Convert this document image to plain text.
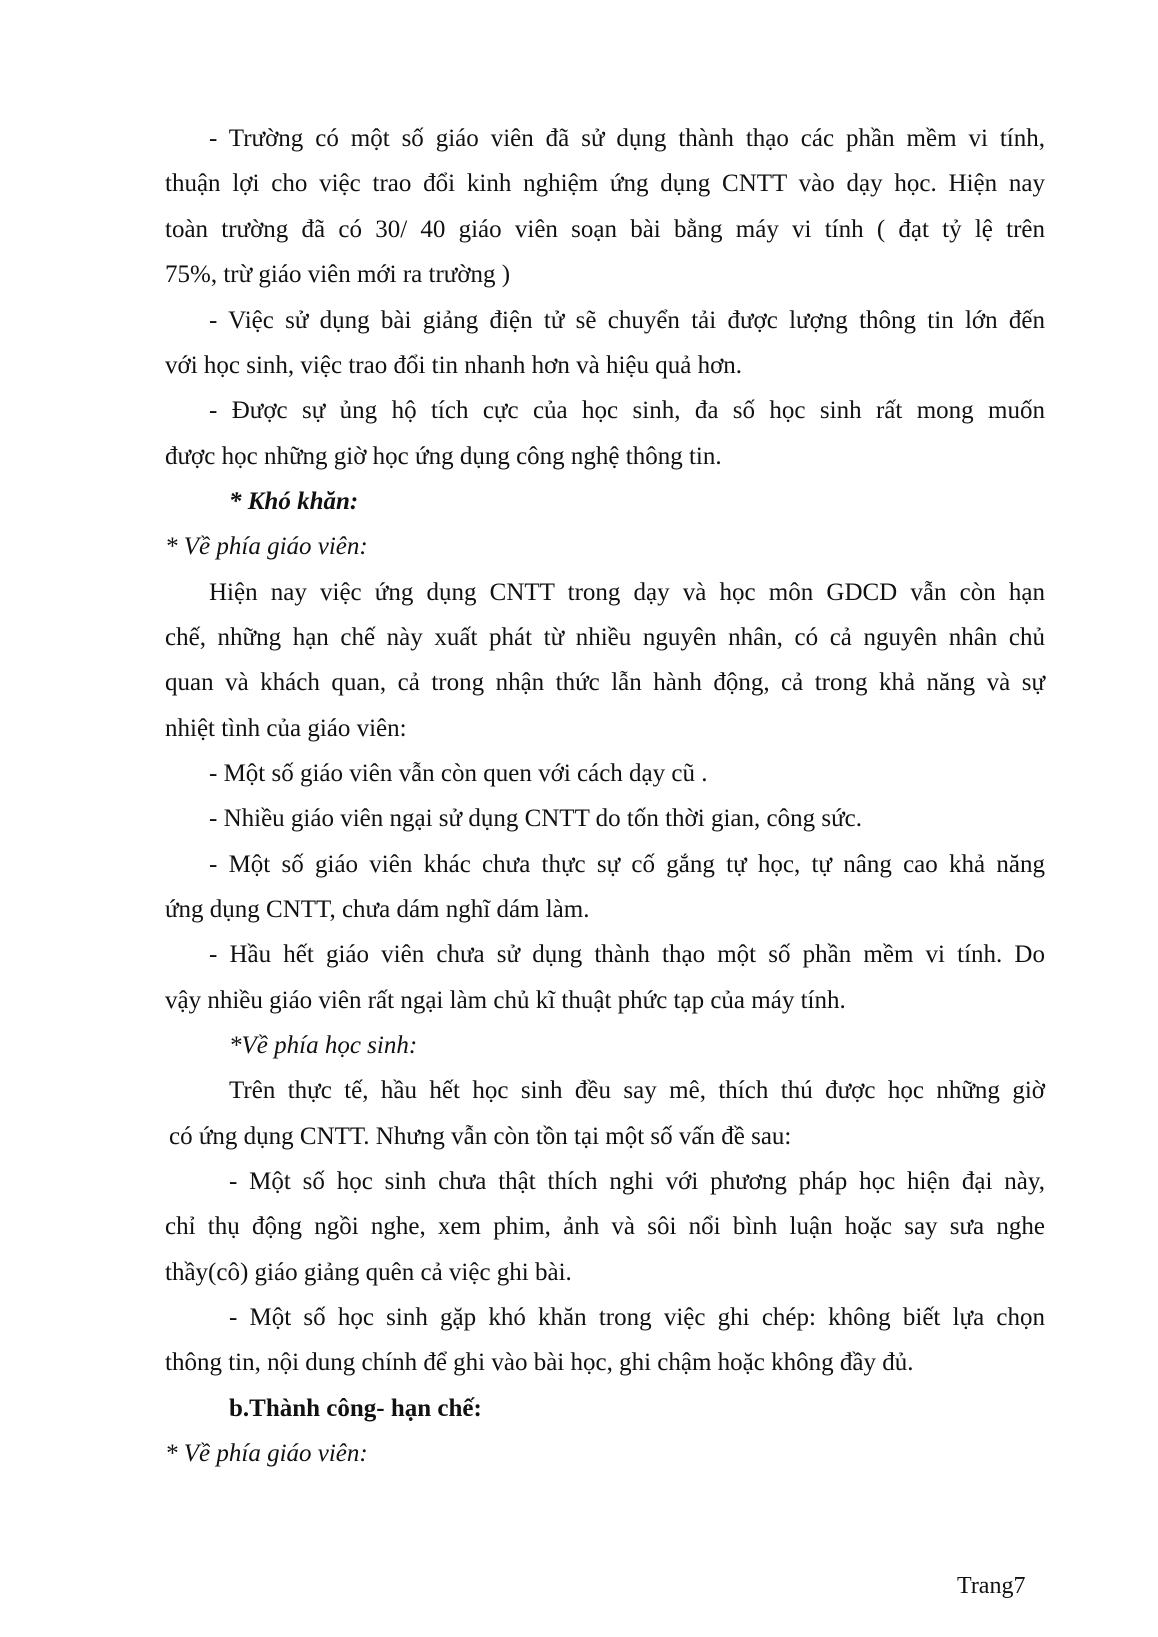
- Trường có một số giáo viên đã sử dụng thành thạo các phần mềm vi tính,
thuận lợi cho việc trao đổi kinh nghiệm ứng dụng CNTT vào dạy học. Hiện nay
toàn trường đã có 30/ 40 giáo viên soạn bài bằng máy vi tính ( đạt tỷ lệ trên
75%, trừ giáo viên mới ra trường )
- Việc sử dụng bài giảng điện tử sẽ chuyển tải được lượng thông tin lớn đến
với học sinh, việc trao đổi tin nhanh hơn và hiệu quả hơn.
- Được sự ủng hộ tích cực của học sinh, đa số học sinh rất mong muốn
được học những giờ học ứng dụng công nghệ thông tin.
* Khó khăn:
* Về phía giáo viên:
Hiện nay việc ứng dụng CNTT trong dạy và học môn GDCD vẫn còn hạn
chế, những hạn chế này xuất phát từ nhiều nguyên nhân, có cả nguyên nhân chủ
quan và khách quan, cả trong nhận thức lẫn hành động, cả trong khả năng và sự
nhiệt tình của giáo viên:
- Một số giáo viên vẫn còn quen với cách dạy cũ .
- Nhiều giáo viên ngại sử dụng CNTT do tốn thời gian, công sức.
- Một số giáo viên khác chưa thực sự cố gắng tự học, tự nâng cao khả năng
ứng dụng CNTT, chưa dám nghĩ dám làm.
- Hầu hết giáo viên chưa sử dụng thành thạo một số phần mềm vi tính. Do
vậy nhiều giáo viên rất ngại làm chủ kĩ thuật phức tạp của máy tính.
*Về phía học sinh:
Trên thực tế, hầu hết học sinh đều say mê, thích thú được học những giờ
có ứng dụng CNTT. Nhưng vẫn còn tồn tại một số vấn đề sau:
- Một số học sinh chưa thật thích nghi với phương pháp học hiện đại này,
chỉ thụ động ngồi nghe, xem phim, ảnh và sôi nổi bình luận hoặc say sưa nghe
thầy(cô) giáo giảng quên cả việc ghi bài.
- Một số học sinh gặp khó khăn trong việc ghi chép: không biết lựa chọn
thông tin, nội dung chính để ghi vào bài học, ghi chậm hoặc không đầy đủ.
b.Thành công- hạn chế:
* Về phía giáo viên:
Trang7
